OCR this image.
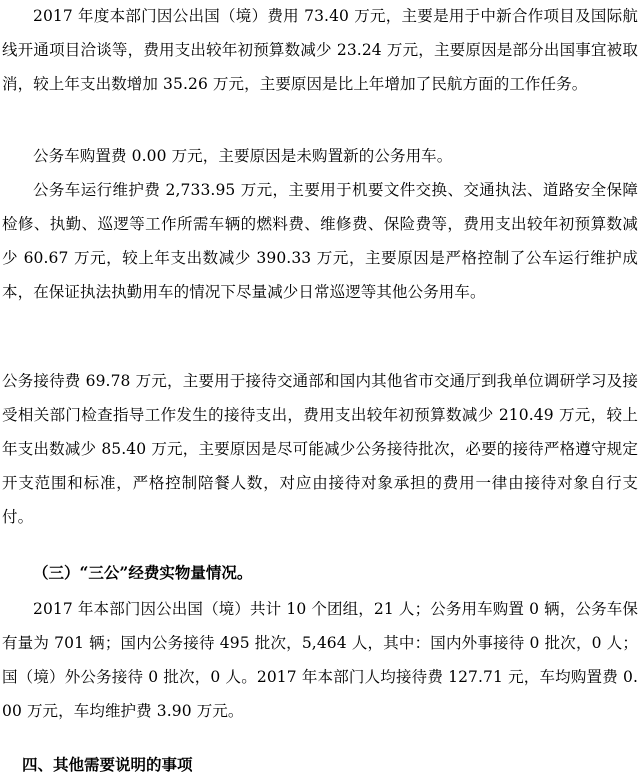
2017 年度本部门因公出国（境）费用 73.40 万元，主要是用于中新合作项目及国际航线开通项目洽谈等，费用支出较年初预算数减少 23.24 万元，主要原因是部分出国事宜被取消，较上年支出数增加 35.26 万元，主要原因是比上年增加了民航方面的工作任务。

公务车购置费 0.00 万元，主要原因是未购置新的公务用车。

公务车运行维护费 2,733.95 万元，主要用于机要文件交换、交通执法、道路安全保障检修、执勤、巡逻等工作所需车辆的燃料费、维修费、保险费等，费用支出较年初预算数减少 60.67 万元，较上年支出数减少 390.33 万元，主要原因是严格控制了公车运行维护成本，在保证执法执勤用车的情况下尽量减少日常巡逻等其他公务用车。

公务接待费 69.78 万元，主要用于接待交通部和国内其他省市交通厅到我单位调研学习及接受相关部门检查指导工作发生的接待支出，费用支出较年初预算数减少 210.49 万元，较上年支出数减少 85.40 万元，主要原因是尽可能减少公务接待批次，必要的接待严格遵守规定开支范围和标准，严格控制陪餐人数，对应由接待对象承担的费用一律由接待对象自行支付。

（三）“三公”经费实物量情况。

2017 年本部门因公出国（境）共计 10 个团组，21 人；公务用车购置 0 辆，公务车保有量为 701 辆；国内公务接待 495 批次，5,464 人，其中：国内外事接待 0 批次，0 人；国（境）外公务接待 0 批次，0 人。2017 年本部门人均接待费 127.71 元，车均购置费 0.00 万元，车均维护费 3.90 万元。

四、其他需要说明的事项
